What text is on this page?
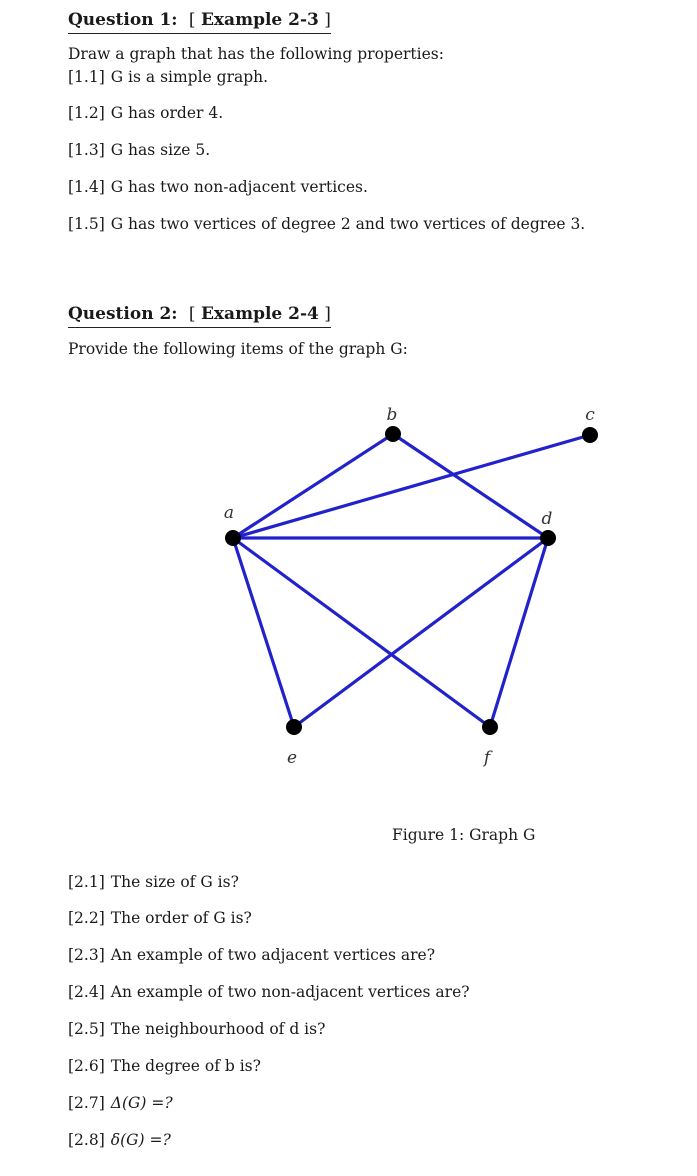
Question 1:  [ Example 2-3 ]
Draw a graph that has the following properties:
[1.1] G is a simple graph.
[1.2] G has order 4.
[1.3] G has size 5.
[1.4] G has two non-adjacent vertices.
[1.5] G has two vertices of degree 2 and two vertices of degree 3.
Question 2:  [ Example 2-4 ]
Provide the following items of the graph G:
a
b	c
d
e	f
Figure 1: Graph G
[2.1] The size of G is?
[2.2] The order of G is?
[2.3] An example of two adjacent vertices are?
[2.4] An example of two non-adjacent vertices are?
[2.5] The neighbourhood of d is?
[2.6] The degree of b is?
[2.7] Δ(G) =?
[2.8] δ(G) =?
